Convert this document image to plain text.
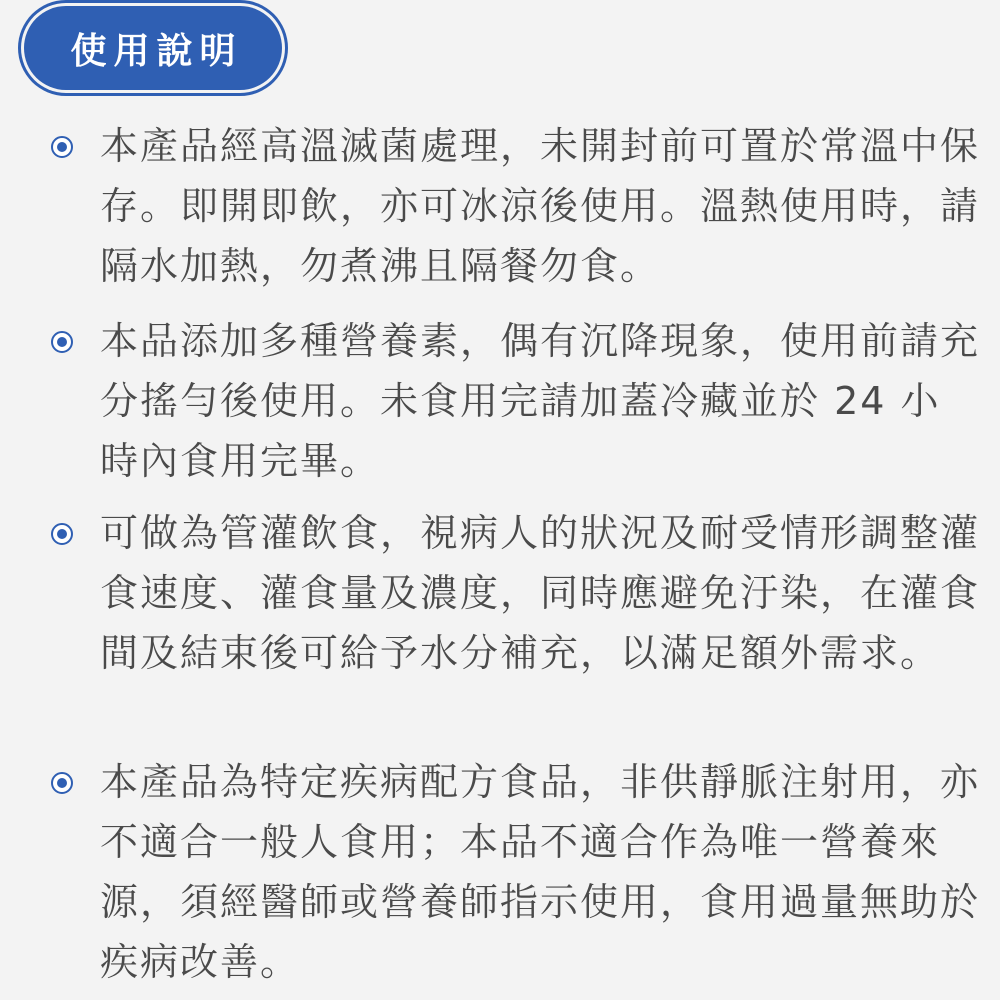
使用說明
本產品經高溫滅菌處理，未開封前可置於常溫中保存。即開即飲，亦可冰涼後使用。溫熱使用時，請隔水加熱，勿煮沸且隔餐勿食。
本品添加多種營養素，偶有沉降現象，使用前請充分搖勻後使用。未食用完請加蓋冷藏並於 24 小時內食用完畢。
可做為管灌飲食，視病人的狀況及耐受情形調整灌食速度、灌食量及濃度，同時應避免汙染，在灌食間及結束後可給予水分補充，以滿足額外需求。
本產品為特定疾病配方食品，非供靜脈注射用，亦不適合一般人食用；本品不適合作為唯一營養來源，須經醫師或營養師指示使用，食用過量無助於疾病改善。
